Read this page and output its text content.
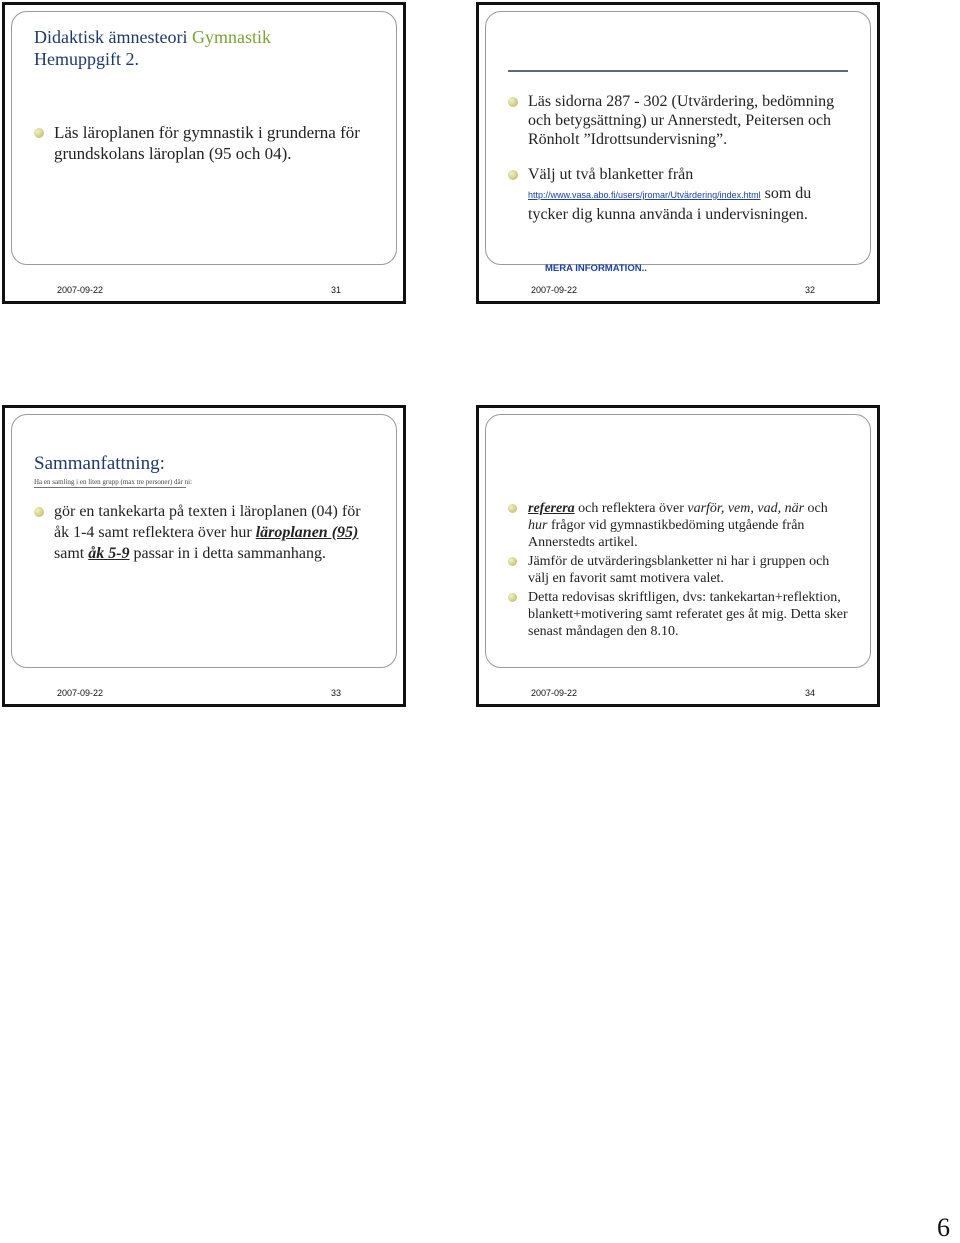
Didaktisk ämnesteori Gymnastik
Hemuppgift 2.
Läs läroplanen för gymnastik i grunderna för grundskolans läroplan (95 och 04).
2007-09-22	31
Läs sidorna 287 - 302 (Utvärdering, bedömning och betygsättning) ur Annerstedt, Peitersen och Rönholt ”Idrottsundervisning”.
Välj ut två blanketter från
http://www.vasa.abo.fi/users/jromar/Utvärdering/index.html som du tycker dig kunna använda i undervisningen.
MERA INFORMATION..
2007-09-22	32
Sammanfattning:
Ha en samling i en liten grupp (max tre personer) där ni:
gör en tankekarta på texten i läroplanen (04) för åk 1-4 samt reflektera över hur läroplanen (95) samt åk 5-9 passar in i detta sammanhang.
2007-09-22	33
referera och reflektera över varför, vem, vad, när och hur frågor vid gymnastikbedöming utgående från Annerstedts artikel.
Jämför de utvärderingsblanketter ni har i gruppen och välj en favorit samt motivera valet.
Detta redovisas skriftligen, dvs: tankekartan+reflektion, blankett+motivering samt referatet ges åt mig. Detta sker senast måndagen den 8.10.
2007-09-22	34
6
